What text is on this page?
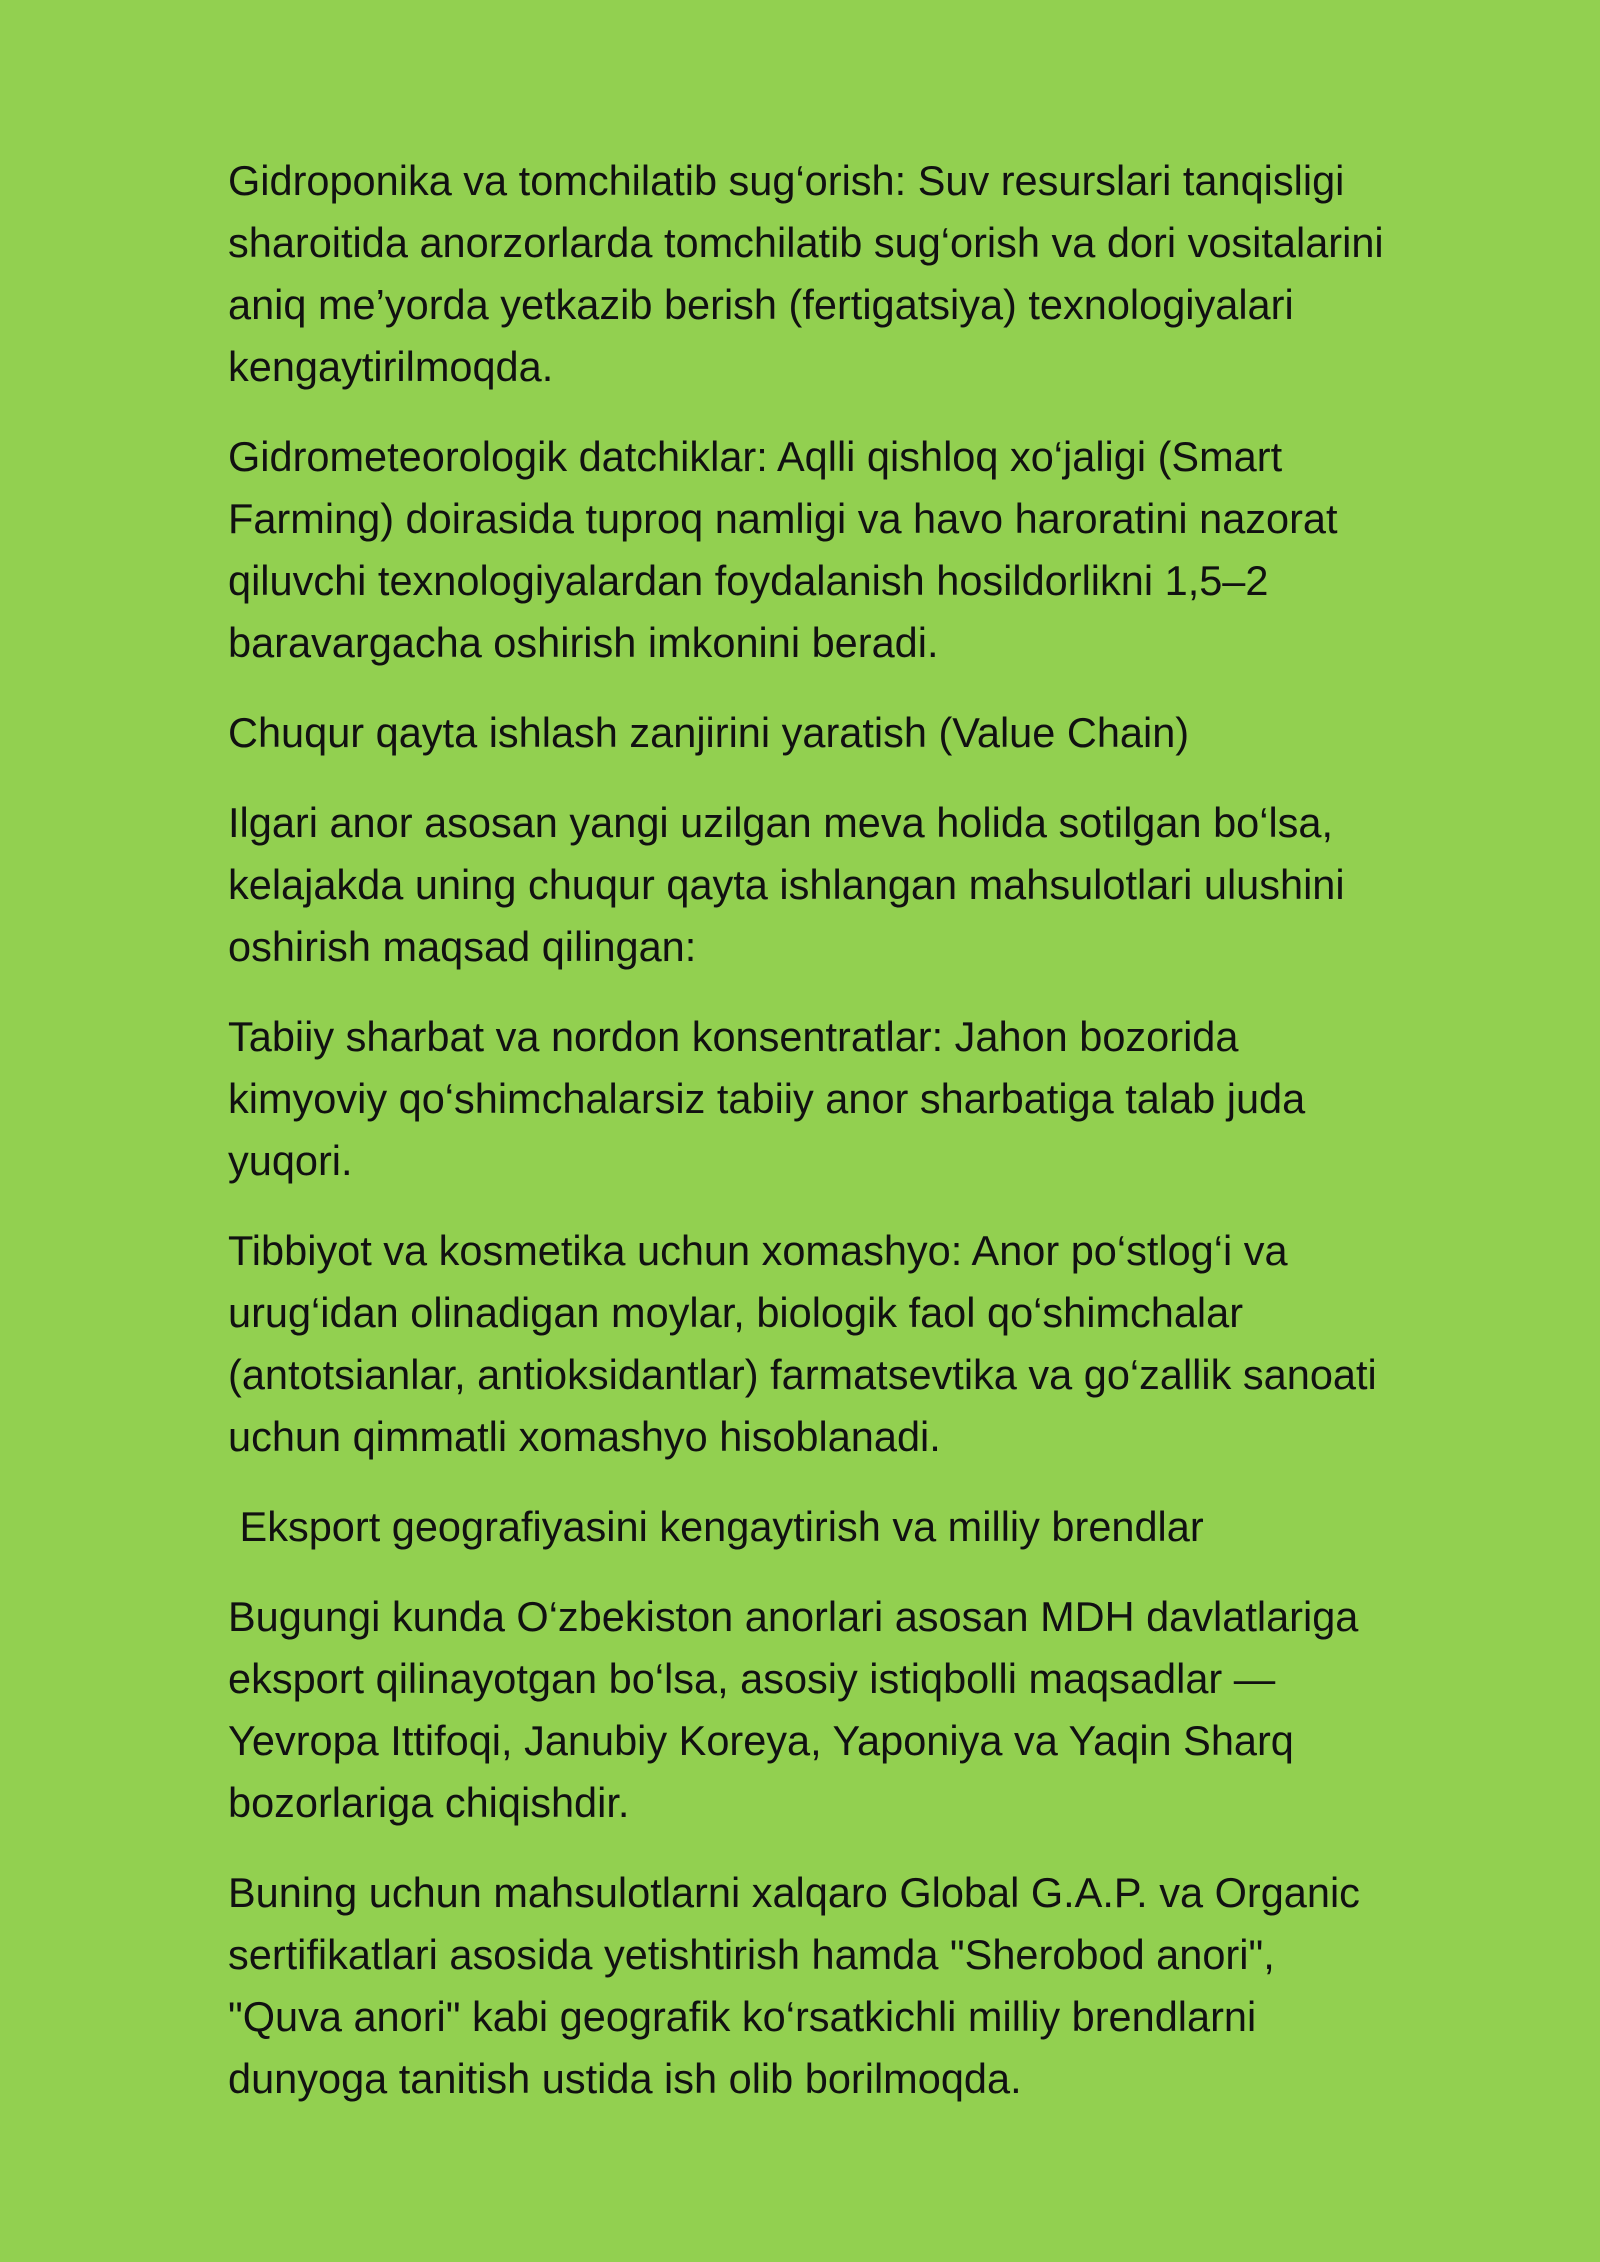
Gidroponika va tomchilatib sug‘orish: Suv resurslari tanqisligi
sharoitida anorzorlarda tomchilatib sug‘orish va dori vositalarini
aniq me’yorda yetkazib berish (fertigatsiya) texnologiyalari
kengaytirilmoqda.

Gidrometeorologik datchiklar: Aqlli qishloq xo‘jaligi (Smart
Farming) doirasida tuproq namligi va havo haroratini nazorat
qiluvchi texnologiyalardan foydalanish hosildorlikni 1,5–2
baravargacha oshirish imkonini beradi.

Chuqur qayta ishlash zanjirini yaratish (Value Chain)

Ilgari anor asosan yangi uzilgan meva holida sotilgan bo‘lsa,
kelajakda uning chuqur qayta ishlangan mahsulotlari ulushini
oshirish maqsad qilingan:

Tabiiy sharbat va nordon konsentratlar: Jahon bozorida
kimyoviy qo‘shimchalarsiz tabiiy anor sharbatiga talab juda
yuqori.

Tibbiyot va kosmetika uchun xomashyo: Anor po‘stlog‘i va
urug‘idan olinadigan moylar, biologik faol qo‘shimchalar
(antotsianlar, antioksidantlar) farmatsevtika va go‘zallik sanoati
uchun qimmatli xomashyo hisoblanadi.

Eksport geografiyasini kengaytirish va milliy brendlar

Bugungi kunda O‘zbekiston anorlari asosan MDH davlatlariga
eksport qilinayotgan bo‘lsa, asosiy istiqbolli maqsadlar —
Yevropa Ittifoqi, Janubiy Koreya, Yaponiya va Yaqin Sharq
bozorlariga chiqishdir.

Buning uchun mahsulotlarni xalqaro Global G.A.P. va Organic
sertifikatlari asosida yetishtirish hamda "Sherobod anori",
"Quva anori" kabi geografik ko‘rsatkichli milliy brendlarni
dunyoga tanitish ustida ish olib borilmoqda.
